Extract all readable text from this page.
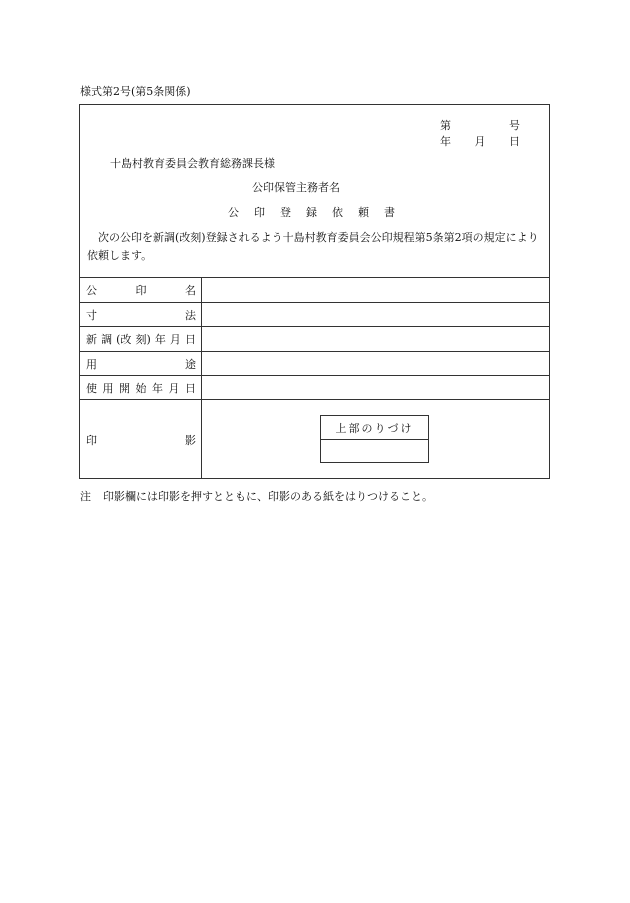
様式第2号(第5条関係)
第	号
年 月 日
十島村教育委員会教育総務課長様
公印保管主務者名
公印登録依頼書
次の公印を新調(改刻)登録されるよう十島村教育委員会公印規程第5条第2項の規定により依頼します。
公	印	名
寸	法
新 調 (改 刻) 年 月 日
用	途
使 用 開 始 年 月 日
印	影
上部のりづけ
注 印影欄には印影を押すとともに、印影のある紙をはりつけること。
